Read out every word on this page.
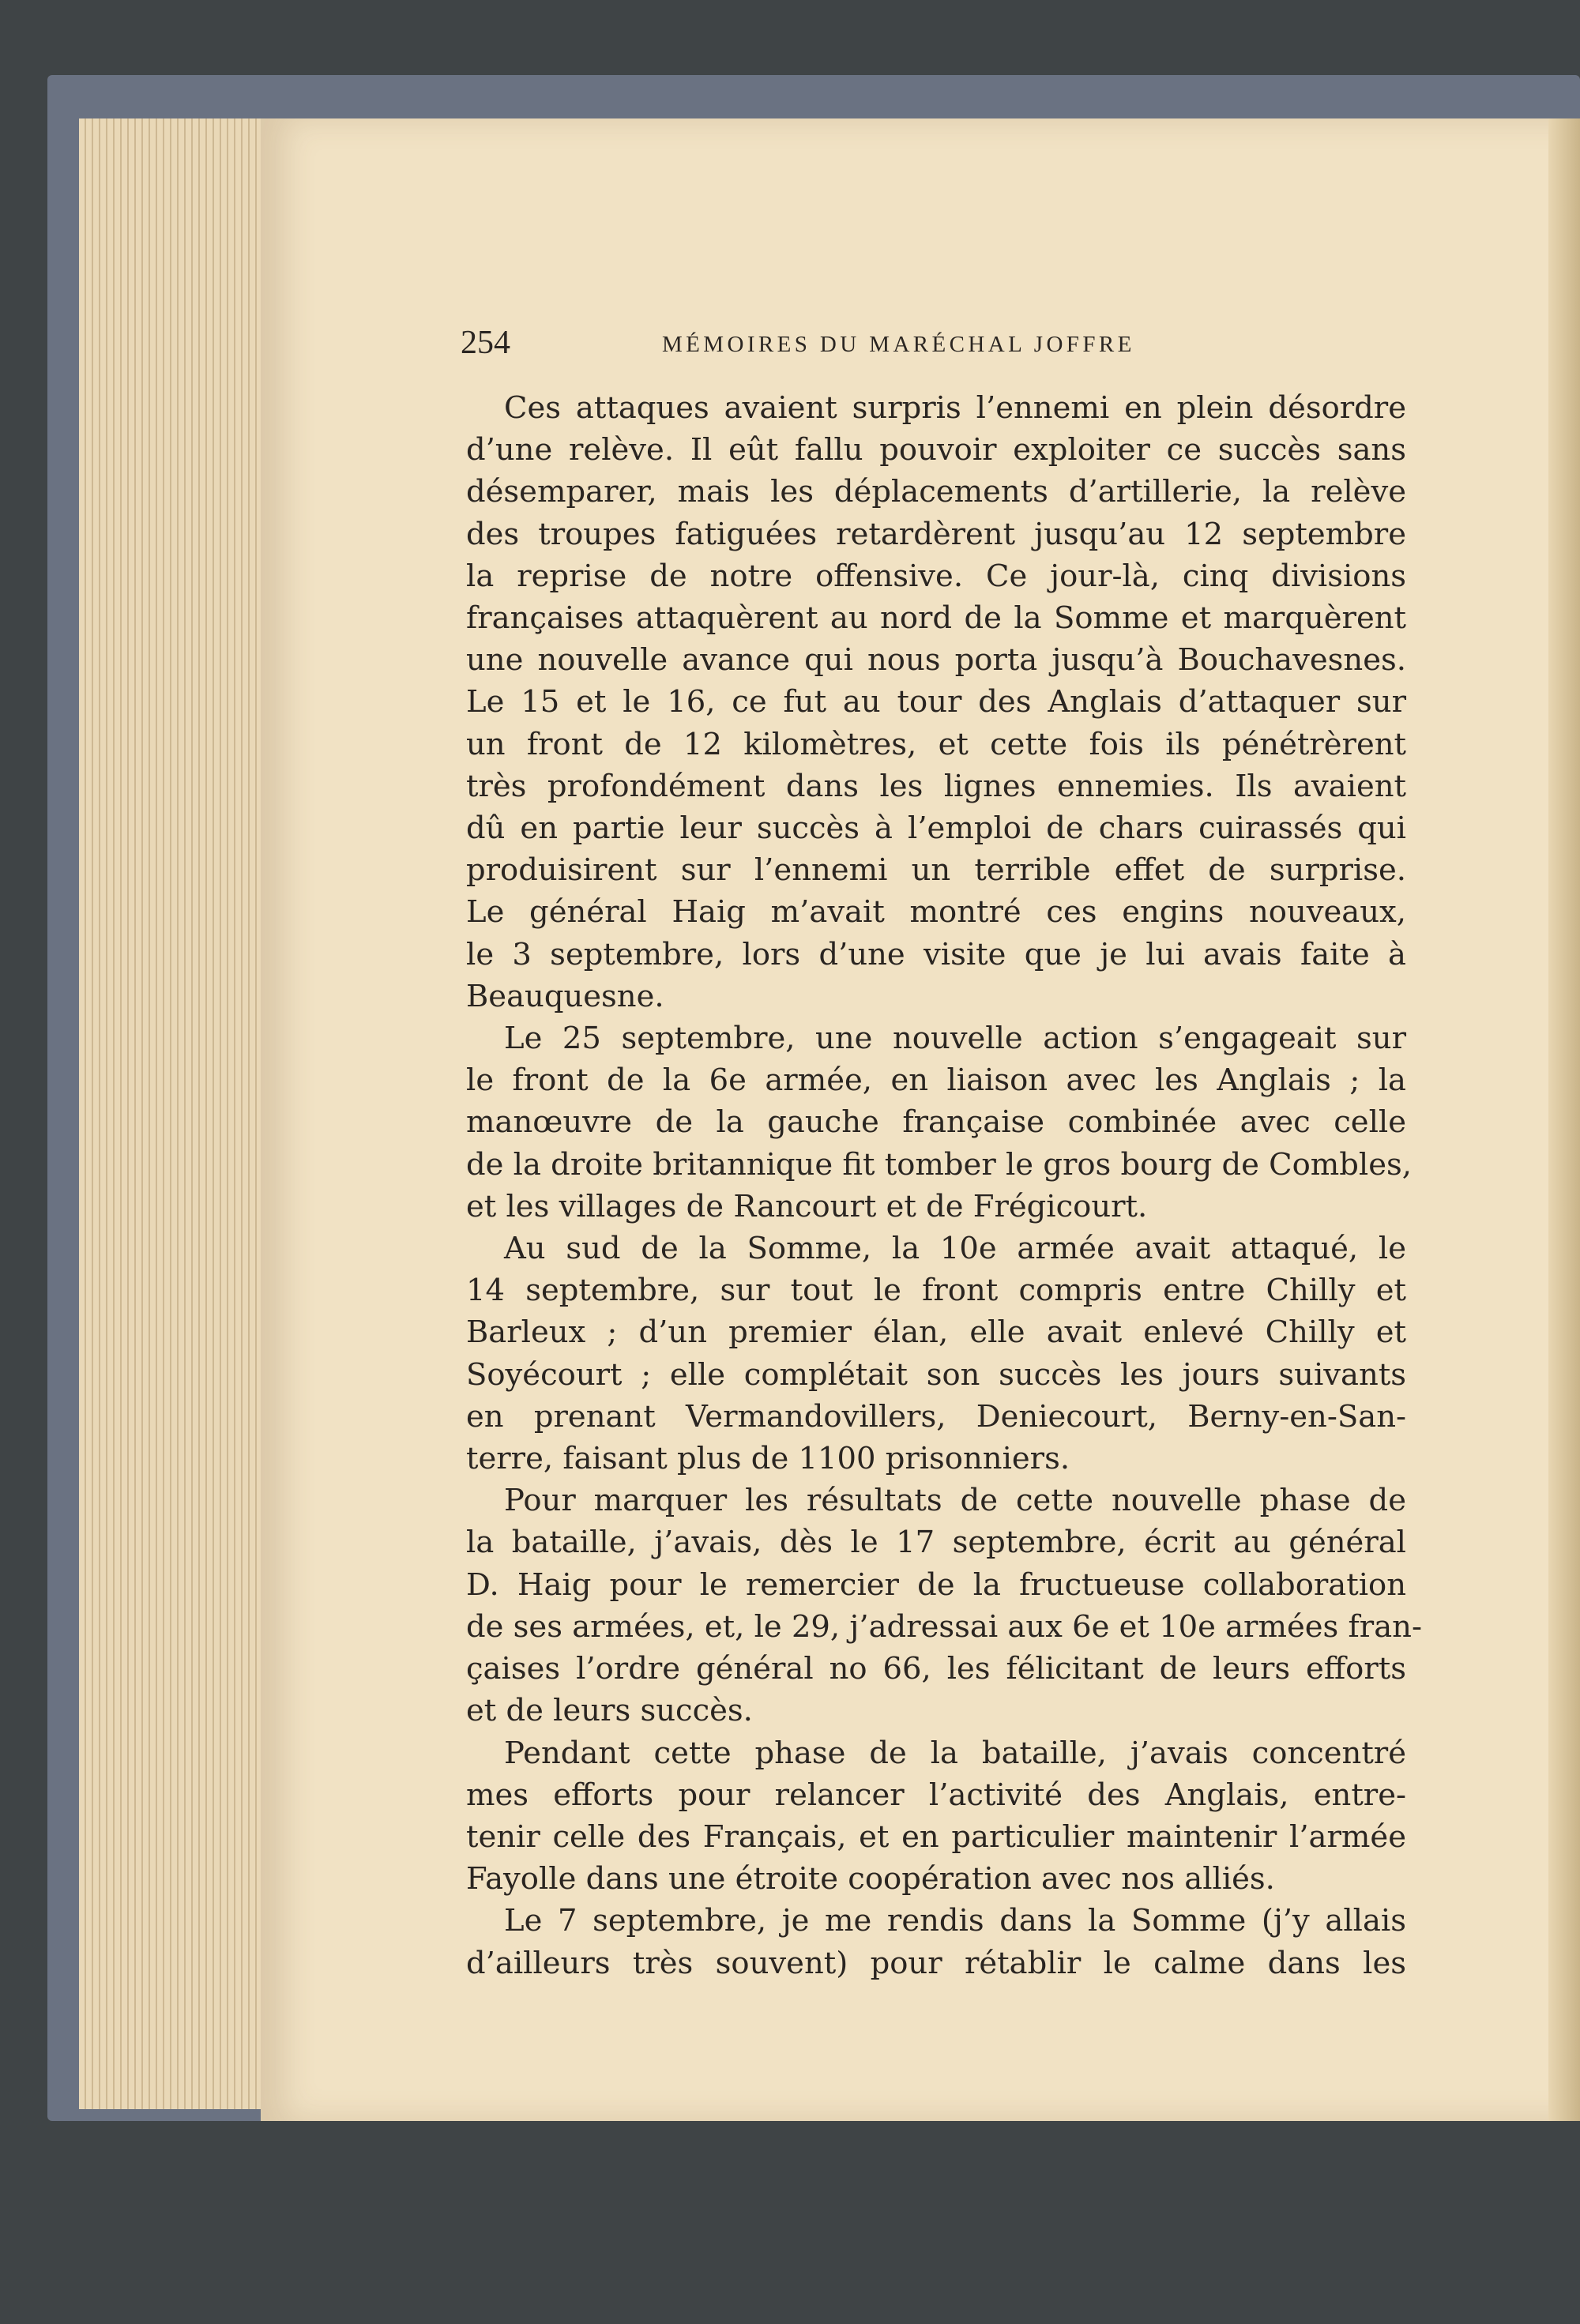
254	MÉMOIRES DU MARÉCHAL JOFFRE
Ces attaques avaient surpris l’ennemi en plein désordre
d’une relève. Il eût fallu pouvoir exploiter ce succès sans
désemparer, mais les déplacements d’artillerie, la relève
des troupes fatiguées retardèrent jusqu’au 12 septembre
la reprise de notre offensive. Ce jour-là, cinq divisions
françaises attaquèrent au nord de la Somme et marquèrent
une nouvelle avance qui nous porta jusqu’à Bouchavesnes.
Le 15 et le 16, ce fut au tour des Anglais d’attaquer sur
un front de 12 kilomètres, et cette fois ils pénétrèrent
très profondément dans les lignes ennemies. Ils avaient
dû en partie leur succès à l’emploi de chars cuirassés qui
produisirent sur l’ennemi un terrible effet de surprise.
Le général Haig m’avait montré ces engins nouveaux,
le 3 septembre, lors d’une visite que je lui avais faite à
Beauquesne.
Le 25 septembre, une nouvelle action s’engageait sur
le front de la 6e armée, en liaison avec les Anglais ; la
manœuvre de la gauche française combinée avec celle
de la droite britannique fit tomber le gros bourg de Combles,
et les villages de Rancourt et de Frégicourt.
Au sud de la Somme, la 10e armée avait attaqué, le
14 septembre, sur tout le front compris entre Chilly et
Barleux ; d’un premier élan, elle avait enlevé Chilly et
Soyécourt ; elle complétait son succès les jours suivants
en prenant Vermandovillers, Deniecourt, Berny-en-San-
terre, faisant plus de 1100 prisonniers.
Pour marquer les résultats de cette nouvelle phase de
la bataille, j’avais, dès le 17 septembre, écrit au général
D. Haig pour le remercier de la fructueuse collaboration
de ses armées, et, le 29, j’adressai aux 6e et 10e armées fran-
çaises l’ordre général no 66, les félicitant de leurs efforts
et de leurs succès.
Pendant cette phase de la bataille, j’avais concentré
mes efforts pour relancer l’activité des Anglais, entre-
tenir celle des Français, et en particulier maintenir l’armée
Fayolle dans une étroite coopération avec nos alliés.
Le 7 septembre, je me rendis dans la Somme (j’y allais
d’ailleurs très souvent) pour rétablir le calme dans les
